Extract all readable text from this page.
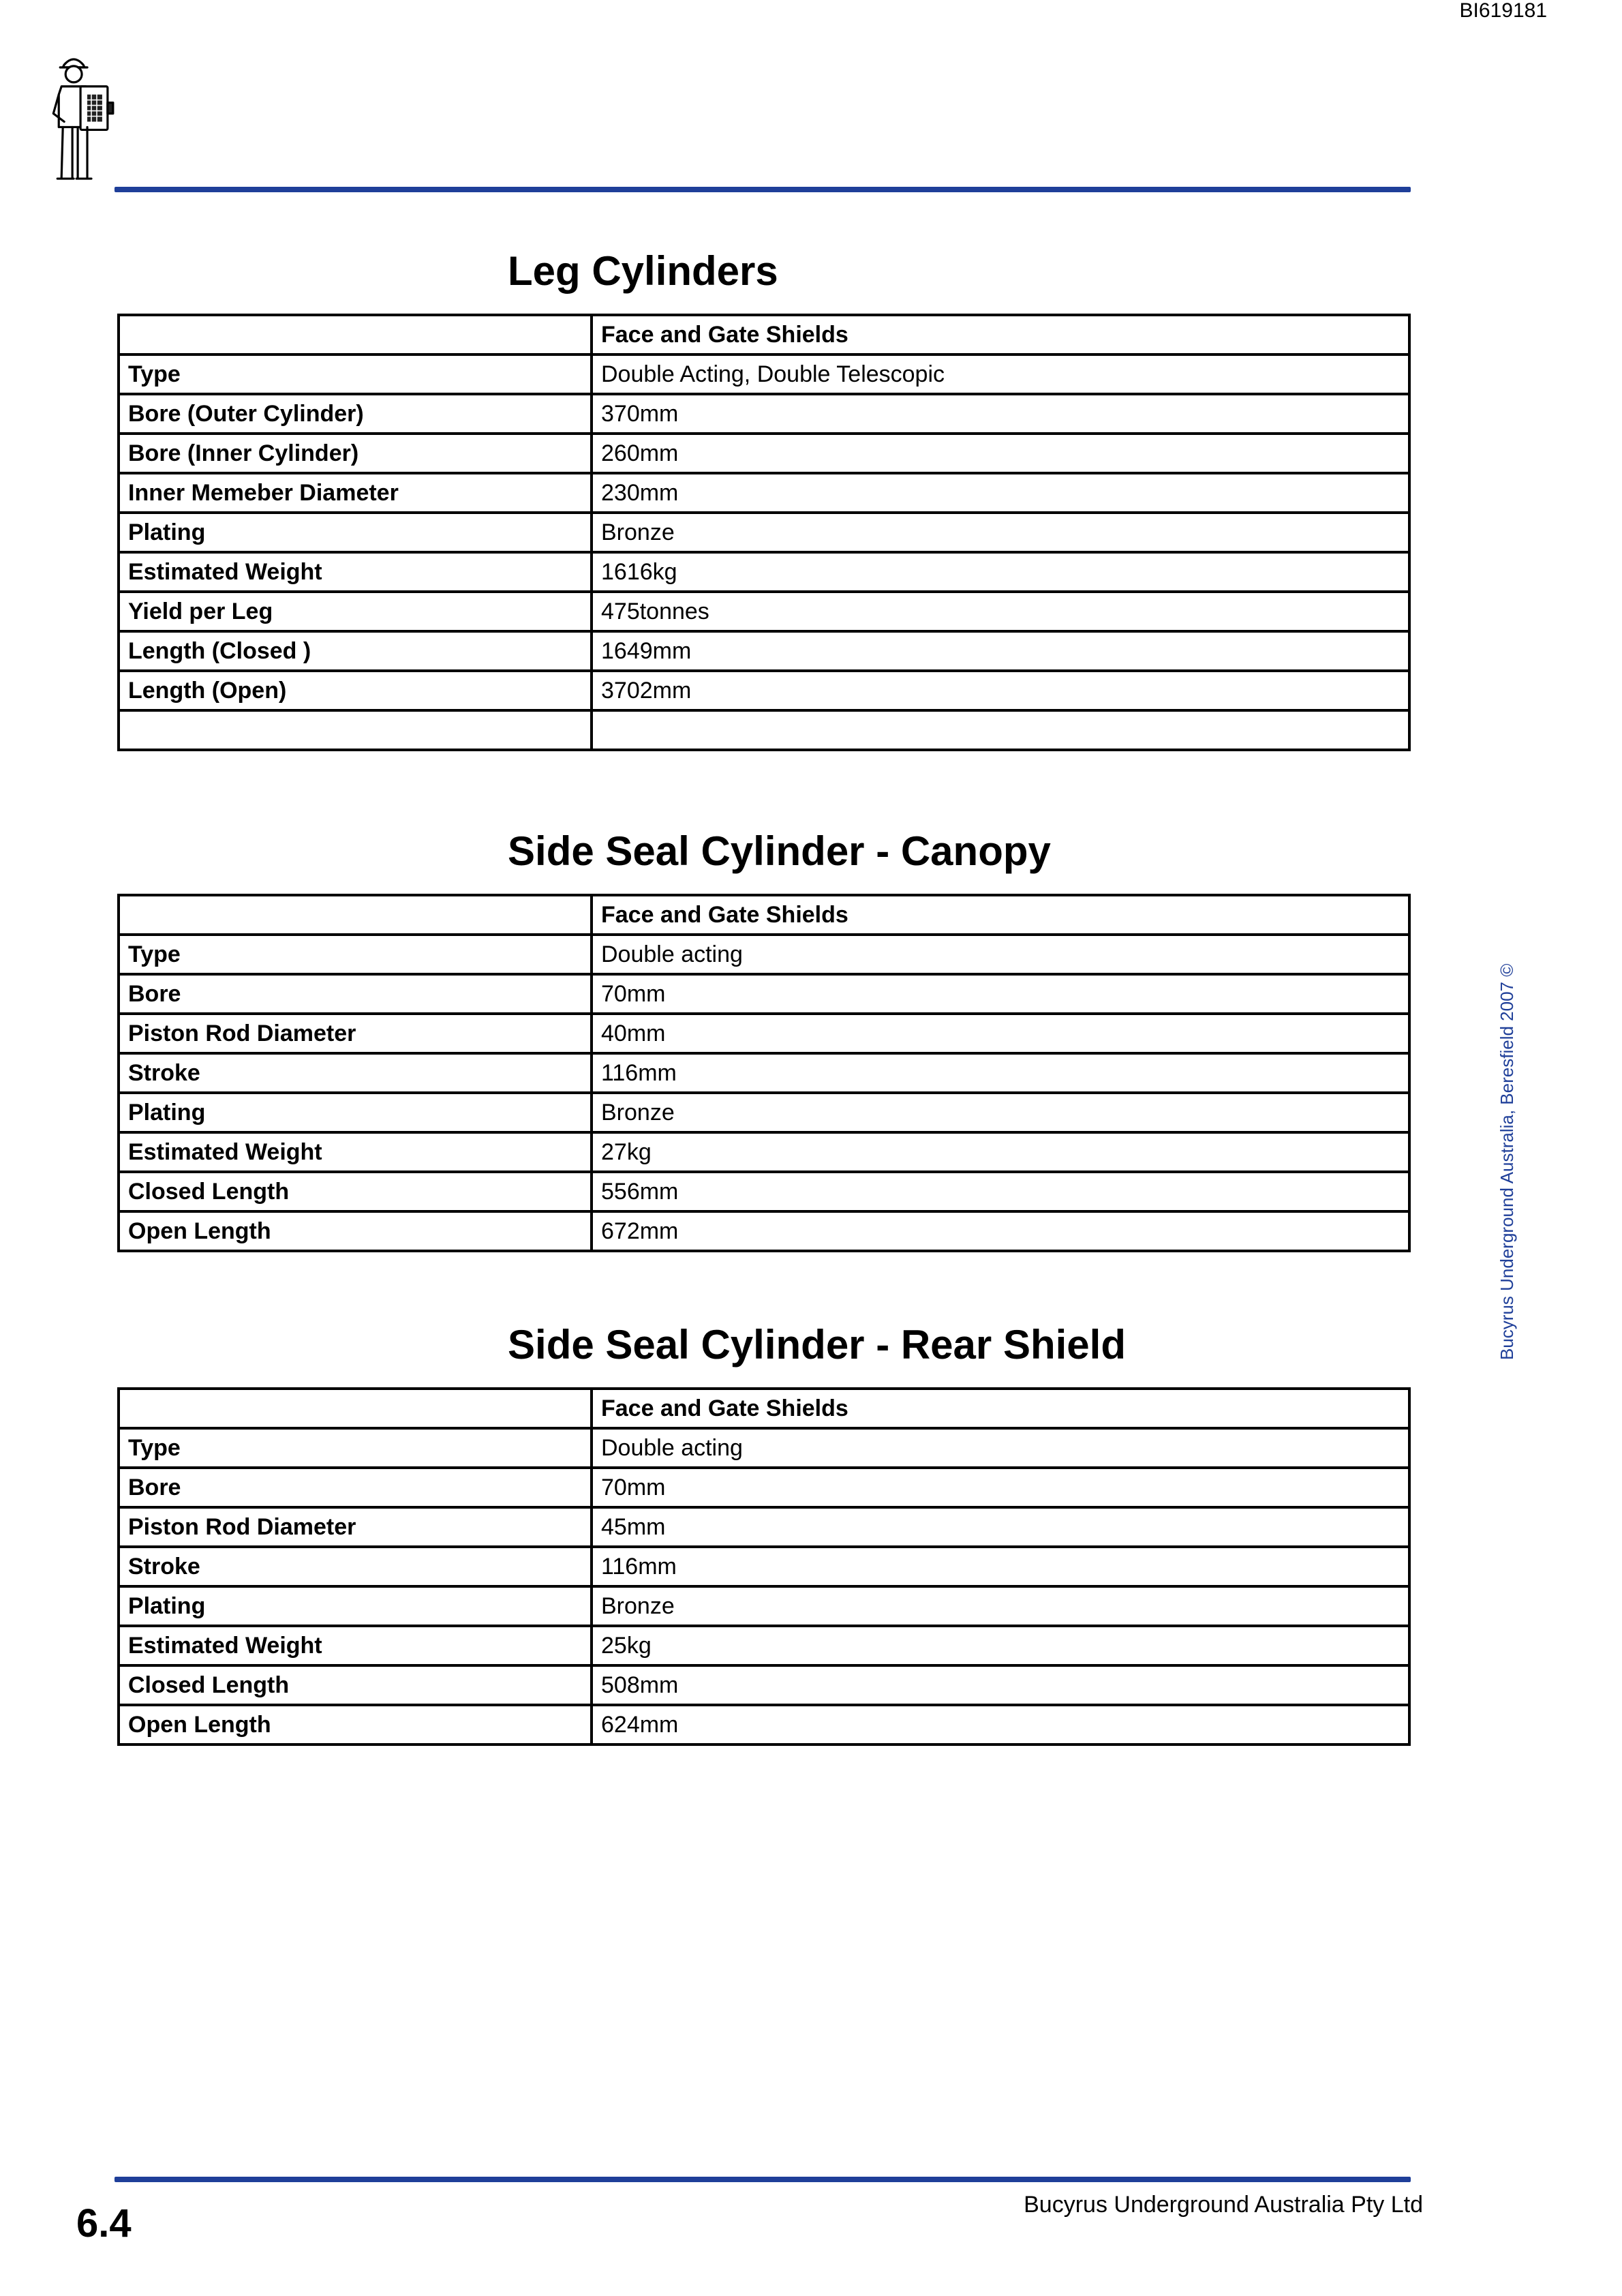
BI619181
Leg Cylinders
	Face and Gate Shields
Type	Double Acting, Double Telescopic
Bore (Outer Cylinder)	370mm
Bore (Inner Cylinder)	260mm
Inner Memeber Diameter	230mm
Plating	Bronze
Estimated Weight	1616kg
Yield per Leg	475tonnes
Length (Closed )	1649mm
Length (Open)	3702mm

Side Seal Cylinder - Canopy
	Face and Gate Shields
Type	Double acting
Bore	70mm
Piston Rod Diameter	40mm
Stroke	116mm
Plating	Bronze
Estimated Weight	27kg
Closed Length	556mm
Open Length	672mm
Side Seal Cylinder - Rear Shield
	Face and Gate Shields
Type	Double acting
Bore	70mm
Piston Rod Diameter	45mm
Stroke	116mm
Plating	Bronze
Estimated Weight	25kg
Closed Length	508mm
Open Length	624mm
Bucyrus Underground Australia, Beresfield 2007 ©
6.4	Bucyrus Underground Australia Pty Ltd
